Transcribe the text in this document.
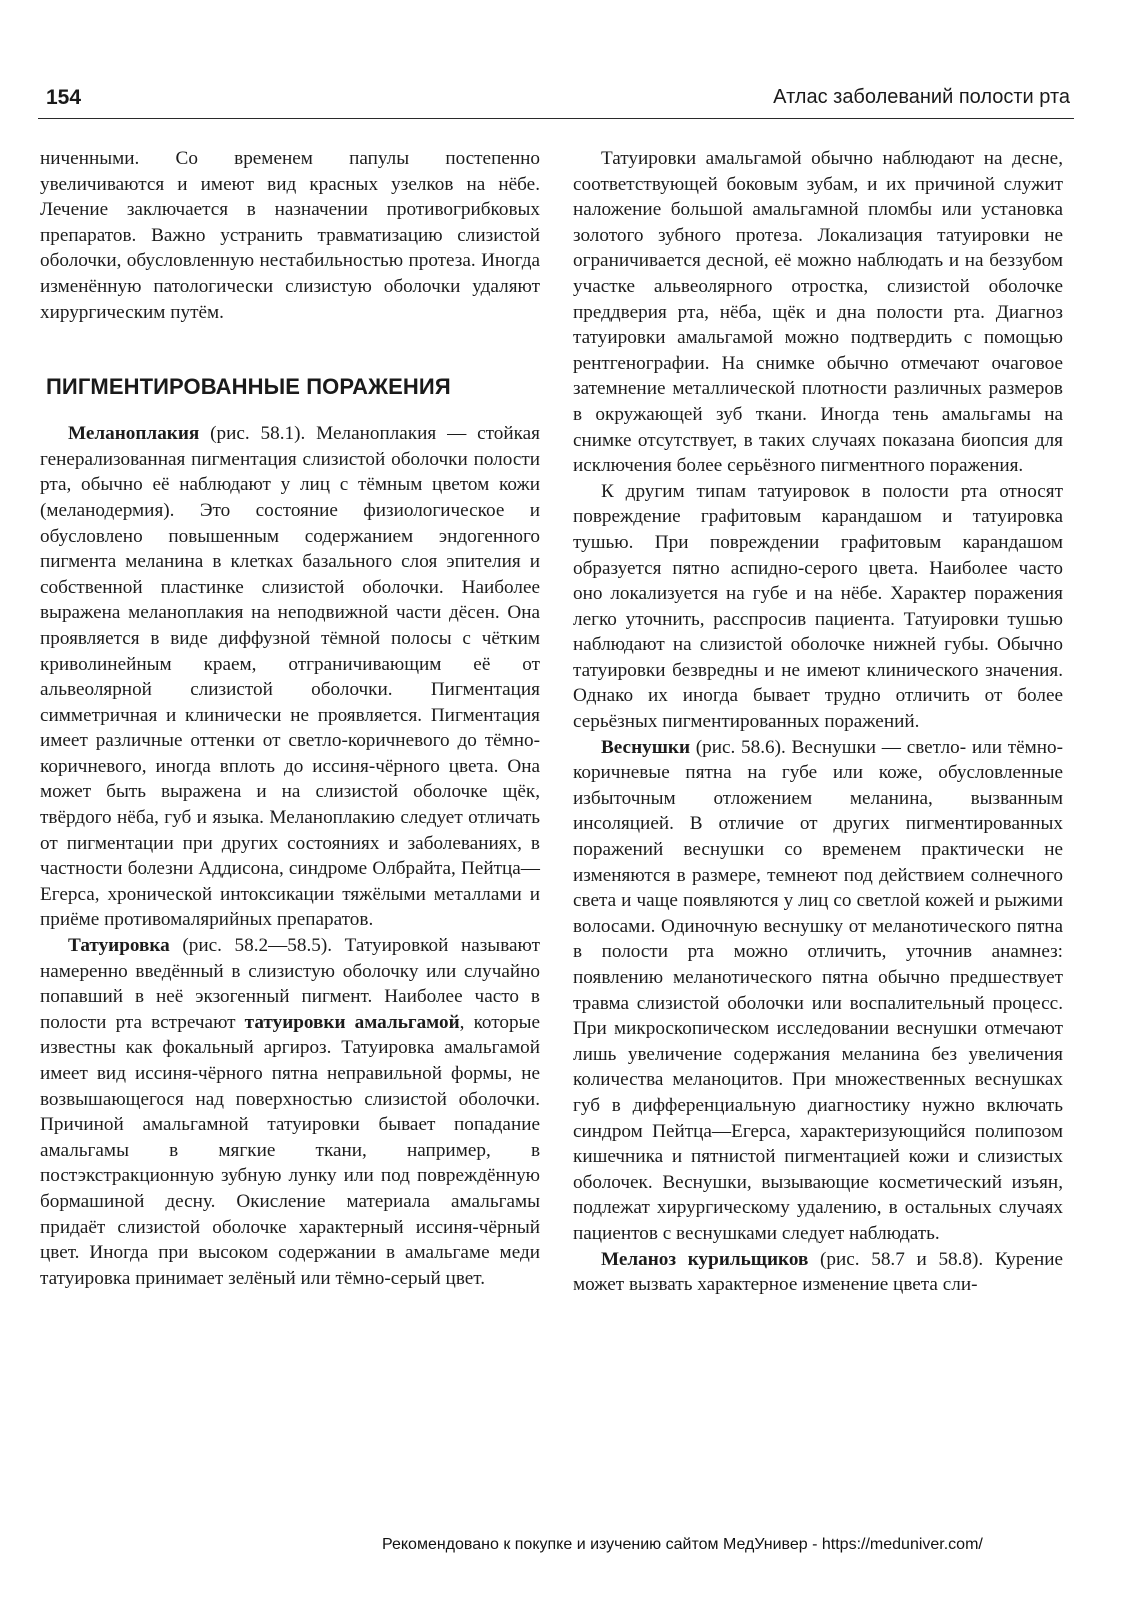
154	Атлас заболеваний полости рта

ниченными. Со временем папулы постепенно увеличиваются и имеют вид красных узелков на нёбе. Лечение заключается в назначении противогрибковых препаратов. Важно устранить травматизацию слизистой оболочки, обусловленную нестабильностью протеза. Иногда изменённую патологически слизистую оболочки удаляют хирургическим путём.

ПИГМЕНТИРОВАННЫЕ ПОРАЖЕНИЯ

Меланоплакия (рис. 58.1). Меланоплакия — стойкая генерализованная пигментация слизистой оболочки полости рта, обычно её наблюдают у лиц с тёмным цветом кожи (меланодермия). Это состояние физиологическое и обусловлено повышенным содержанием эндогенного пигмента меланина в клетках базального слоя эпителия и собственной пластинке слизистой оболочки. Наиболее выражена меланоплакия на неподвижной части дёсен. Она проявляется в виде диффузной тёмной полосы с чётким криволинейным краем, отграничивающим её от альвеолярной слизистой оболочки. Пигментация симметричная и клинически не проявляется. Пигментация имеет различные оттенки от светло-коричневого до тёмно-коричневого, иногда вплоть до иссиня-чёрного цвета. Она может быть выражена и на слизистой оболочке щёк, твёрдого нёба, губ и языка. Меланоплакию следует отличать от пигментации при других состояниях и заболеваниях, в частности болезни Аддисона, синдроме Олбрайта, Пейтца—Егерса, хронической интоксикации тяжёлыми металлами и приёме противомалярийных препаратов.

Татуировка (рис. 58.2—58.5). Татуировкой называют намеренно введённый в слизистую оболочку или случайно попавший в неё экзогенный пигмент. Наиболее часто в полости рта встречают татуировки амальгамой, которые известны как фокальный аргироз. Татуировка амальгамой имеет вид иссиня-чёрного пятна неправильной формы, не возвышающегося над поверхностью слизистой оболочки. Причиной амальгамной татуировки бывает попадание амальгамы в мягкие ткани, например, в постэкстракционную зубную лунку или под повреждённую бормашиной десну. Окисление материала амальгамы придаёт слизистой оболочке характерный иссиня-чёрный цвет. Иногда при высоком содержании в амальгаме меди татуировка принимает зелёный или тёмно-серый цвет.

Татуировки амальгамой обычно наблюдают на десне, соответствующей боковым зубам, и их причиной служит наложение большой амальгамной пломбы или установка золотого зубного протеза. Локализация татуировки не ограничивается десной, её можно наблюдать и на беззубом участке альвеолярного отростка, слизистой оболочке преддверия рта, нёба, щёк и дна полости рта. Диагноз татуировки амальгамой можно подтвердить с помощью рентгенографии. На снимке обычно отмечают очаговое затемнение металлической плотности различных размеров в окружающей зуб ткани. Иногда тень амальгамы на снимке отсутствует, в таких случаях показана биопсия для исключения более серьёзного пигментного поражения.

К другим типам татуировок в полости рта относят повреждение графитовым карандашом и татуировка тушью. При повреждении графитовым карандашом образуется пятно аспидно-серого цвета. Наиболее часто оно локализуется на губе и на нёбе. Характер поражения легко уточнить, расспросив пациента. Татуировки тушью наблюдают на слизистой оболочке нижней губы. Обычно татуировки безвредны и не имеют клинического значения. Однако их иногда бывает трудно отличить от более серьёзных пигментированных поражений.

Веснушки (рис. 58.6). Веснушки — светло- или тёмно-коричневые пятна на губе или коже, обусловленные избыточным отложением меланина, вызванным инсоляцией. В отличие от других пигментированных поражений веснушки со временем практически не изменяются в размере, темнеют под действием солнечного света и чаще появляются у лиц со светлой кожей и рыжими волосами. Одиночную веснушку от меланотического пятна в полости рта можно отличить, уточнив анамнез: появлению меланотического пятна обычно предшествует травма слизистой оболочки или воспалительный процесс. При микроскопическом исследовании веснушки отмечают лишь увеличение содержания меланина без увеличения количества меланоцитов. При множественных веснушках губ в дифференциальную диагностику нужно включать синдром Пейтца—Егерса, характеризующийся полипозом кишечника и пятнистой пигментацией кожи и слизистых оболочек. Веснушки, вызывающие косметический изъян, подлежат хирургическому удалению, в остальных случаях пациентов с веснушками следует наблюдать.

Меланоз курильщиков (рис. 58.7 и 58.8). Курение может вызвать характерное изменение цвета сли-

Рекомендовано к покупке и изучению сайтом МедУнивер - https://meduniver.com/
